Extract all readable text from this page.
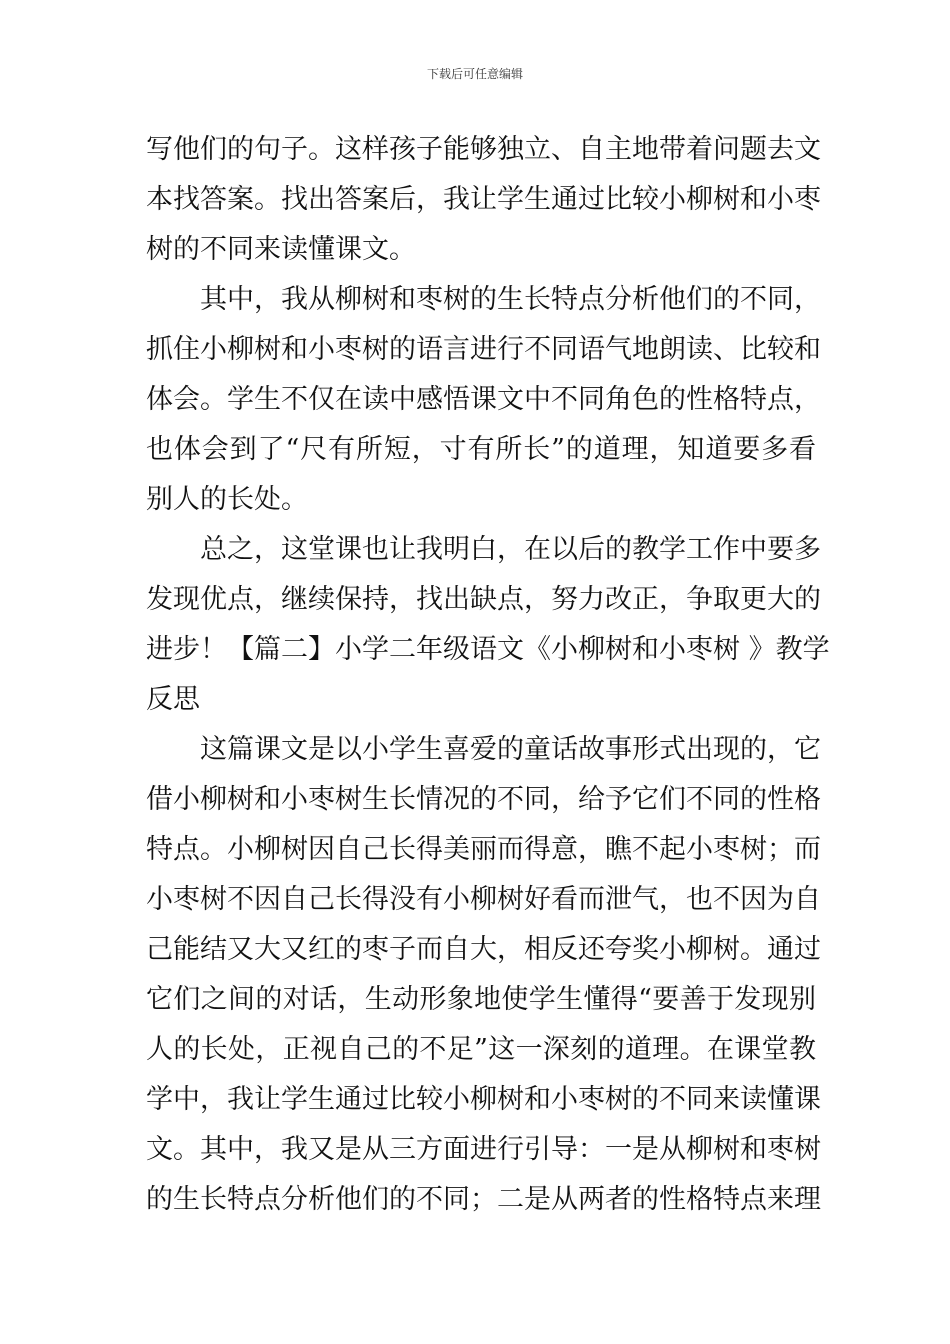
下载后可任意编辑
写他们的句子。这样孩子能够独立、自主地带着问题去文
本找答案。找出答案后，我让学生通过比较小柳树和小枣
树的不同来读懂课文。
其中，我从柳树和枣树的生长特点分析他们的不同，
抓住小柳树和小枣树的语言进行不同语气地朗读、比较和
体会。学生不仅在读中感悟课文中不同角色的性格特点，
也体会到了“尺有所短，寸有所长”的道理，知道要多看
别人的长处。
总之，这堂课也让我明白，在以后的教学工作中要多
发现优点，继续保持，找出缺点，努力改正，争取更大的
进步！【篇二】小学二年级语文《小柳树和小枣树 》教学
反思
这篇课文是以小学生喜爱的童话故事形式出现的，它
借小柳树和小枣树生长情况的不同，给予它们不同的性格
特点。小柳树因自己长得美丽而得意，瞧不起小枣树；而
小枣树不因自己长得没有小柳树好看而泄气，也不因为自
己能结又大又红的枣子而自大，相反还夸奖小柳树。通过
它们之间的对话，生动形象地使学生懂得“要善于发现别
人的长处，正视自己的不足”这一深刻的道理。在课堂教
学中，我让学生通过比较小柳树和小枣树的不同来读懂课
文。其中，我又是从三方面进行引导：一是从柳树和枣树
的生长特点分析他们的不同；二是从两者的性格特点来理
